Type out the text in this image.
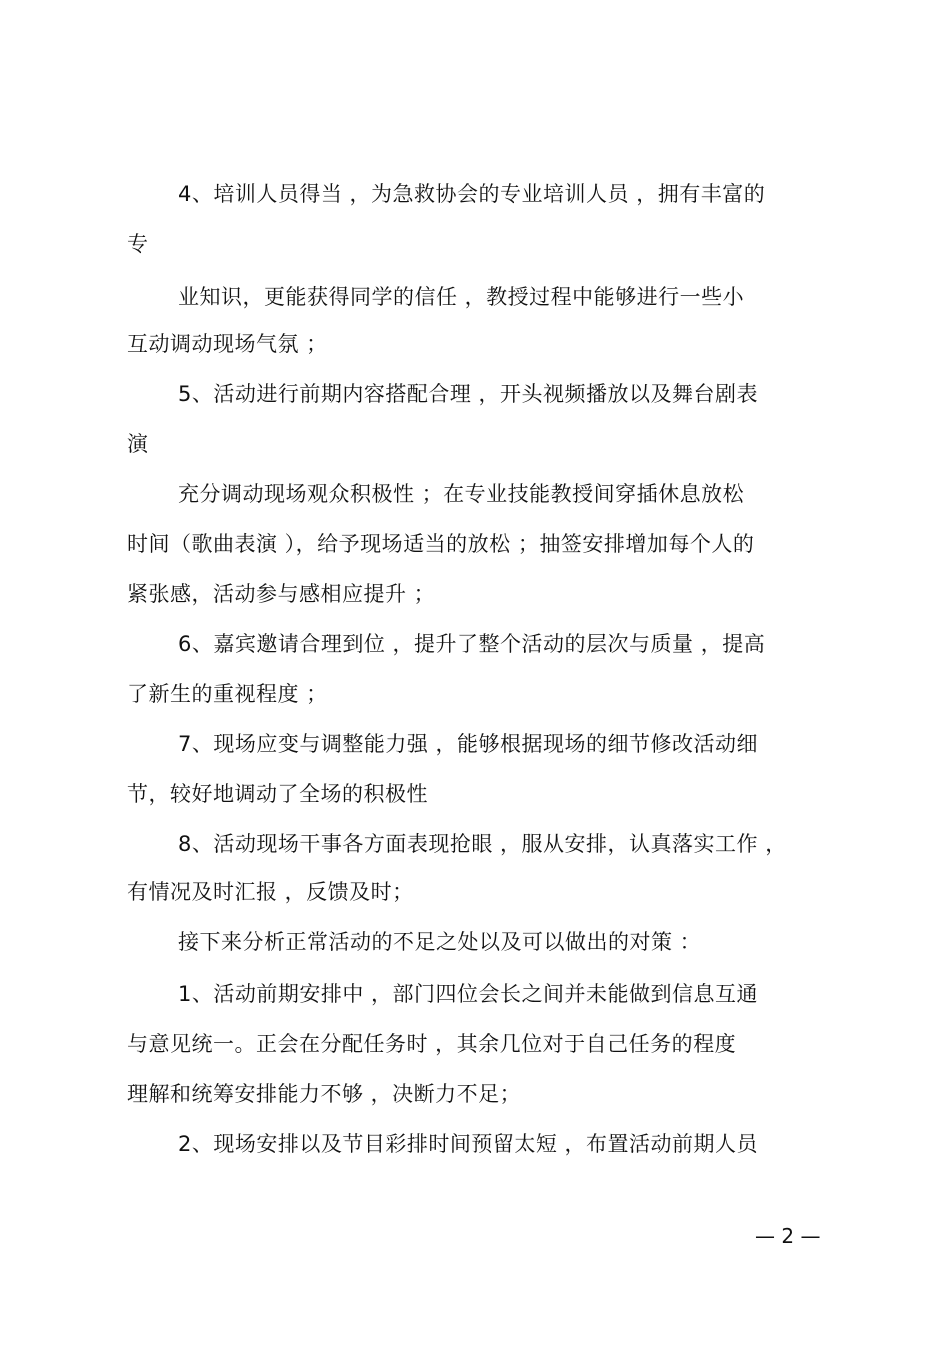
4、培训人员得当 ，为急救协会的专业培训人员 ，拥有丰富的
专
业知识，更能获得同学的信任 ，教授过程中能够进行一些小
互动调动现场气氛 ；
5、活动进行前期内容搭配合理 ，开头视频播放以及舞台剧表
演
充分调动现场观众积极性 ；在专业技能教授间穿插休息放松
时间（歌曲表演 ），给予现场适当的放松 ；抽签安排增加每个人的
紧张感，活动参与感相应提升 ；
6、嘉宾邀请合理到位 ，提升了整个活动的层次与质量 ，提高
了新生的重视程度 ；
7、现场应变与调整能力强 ，能够根据现场的细节修改活动细
节，较好地调动了全场的积极性
8、活动现场干事各方面表现抢眼 ，服从安排，认真落实工作 ，
有情况及时汇报 ，反馈及时；
接下来分析正常活动的不足之处以及可以做出的对策 ：
1、活动前期安排中 ，部门四位会长之间并未能做到信息互通
与意见统一。正会在分配任务时 ，其余几位对于自己任务的程度
理解和统筹安排能力不够 ，决断力不足；
2、现场安排以及节目彩排时间预留太短 ，布置活动前期人员
— 2 —
